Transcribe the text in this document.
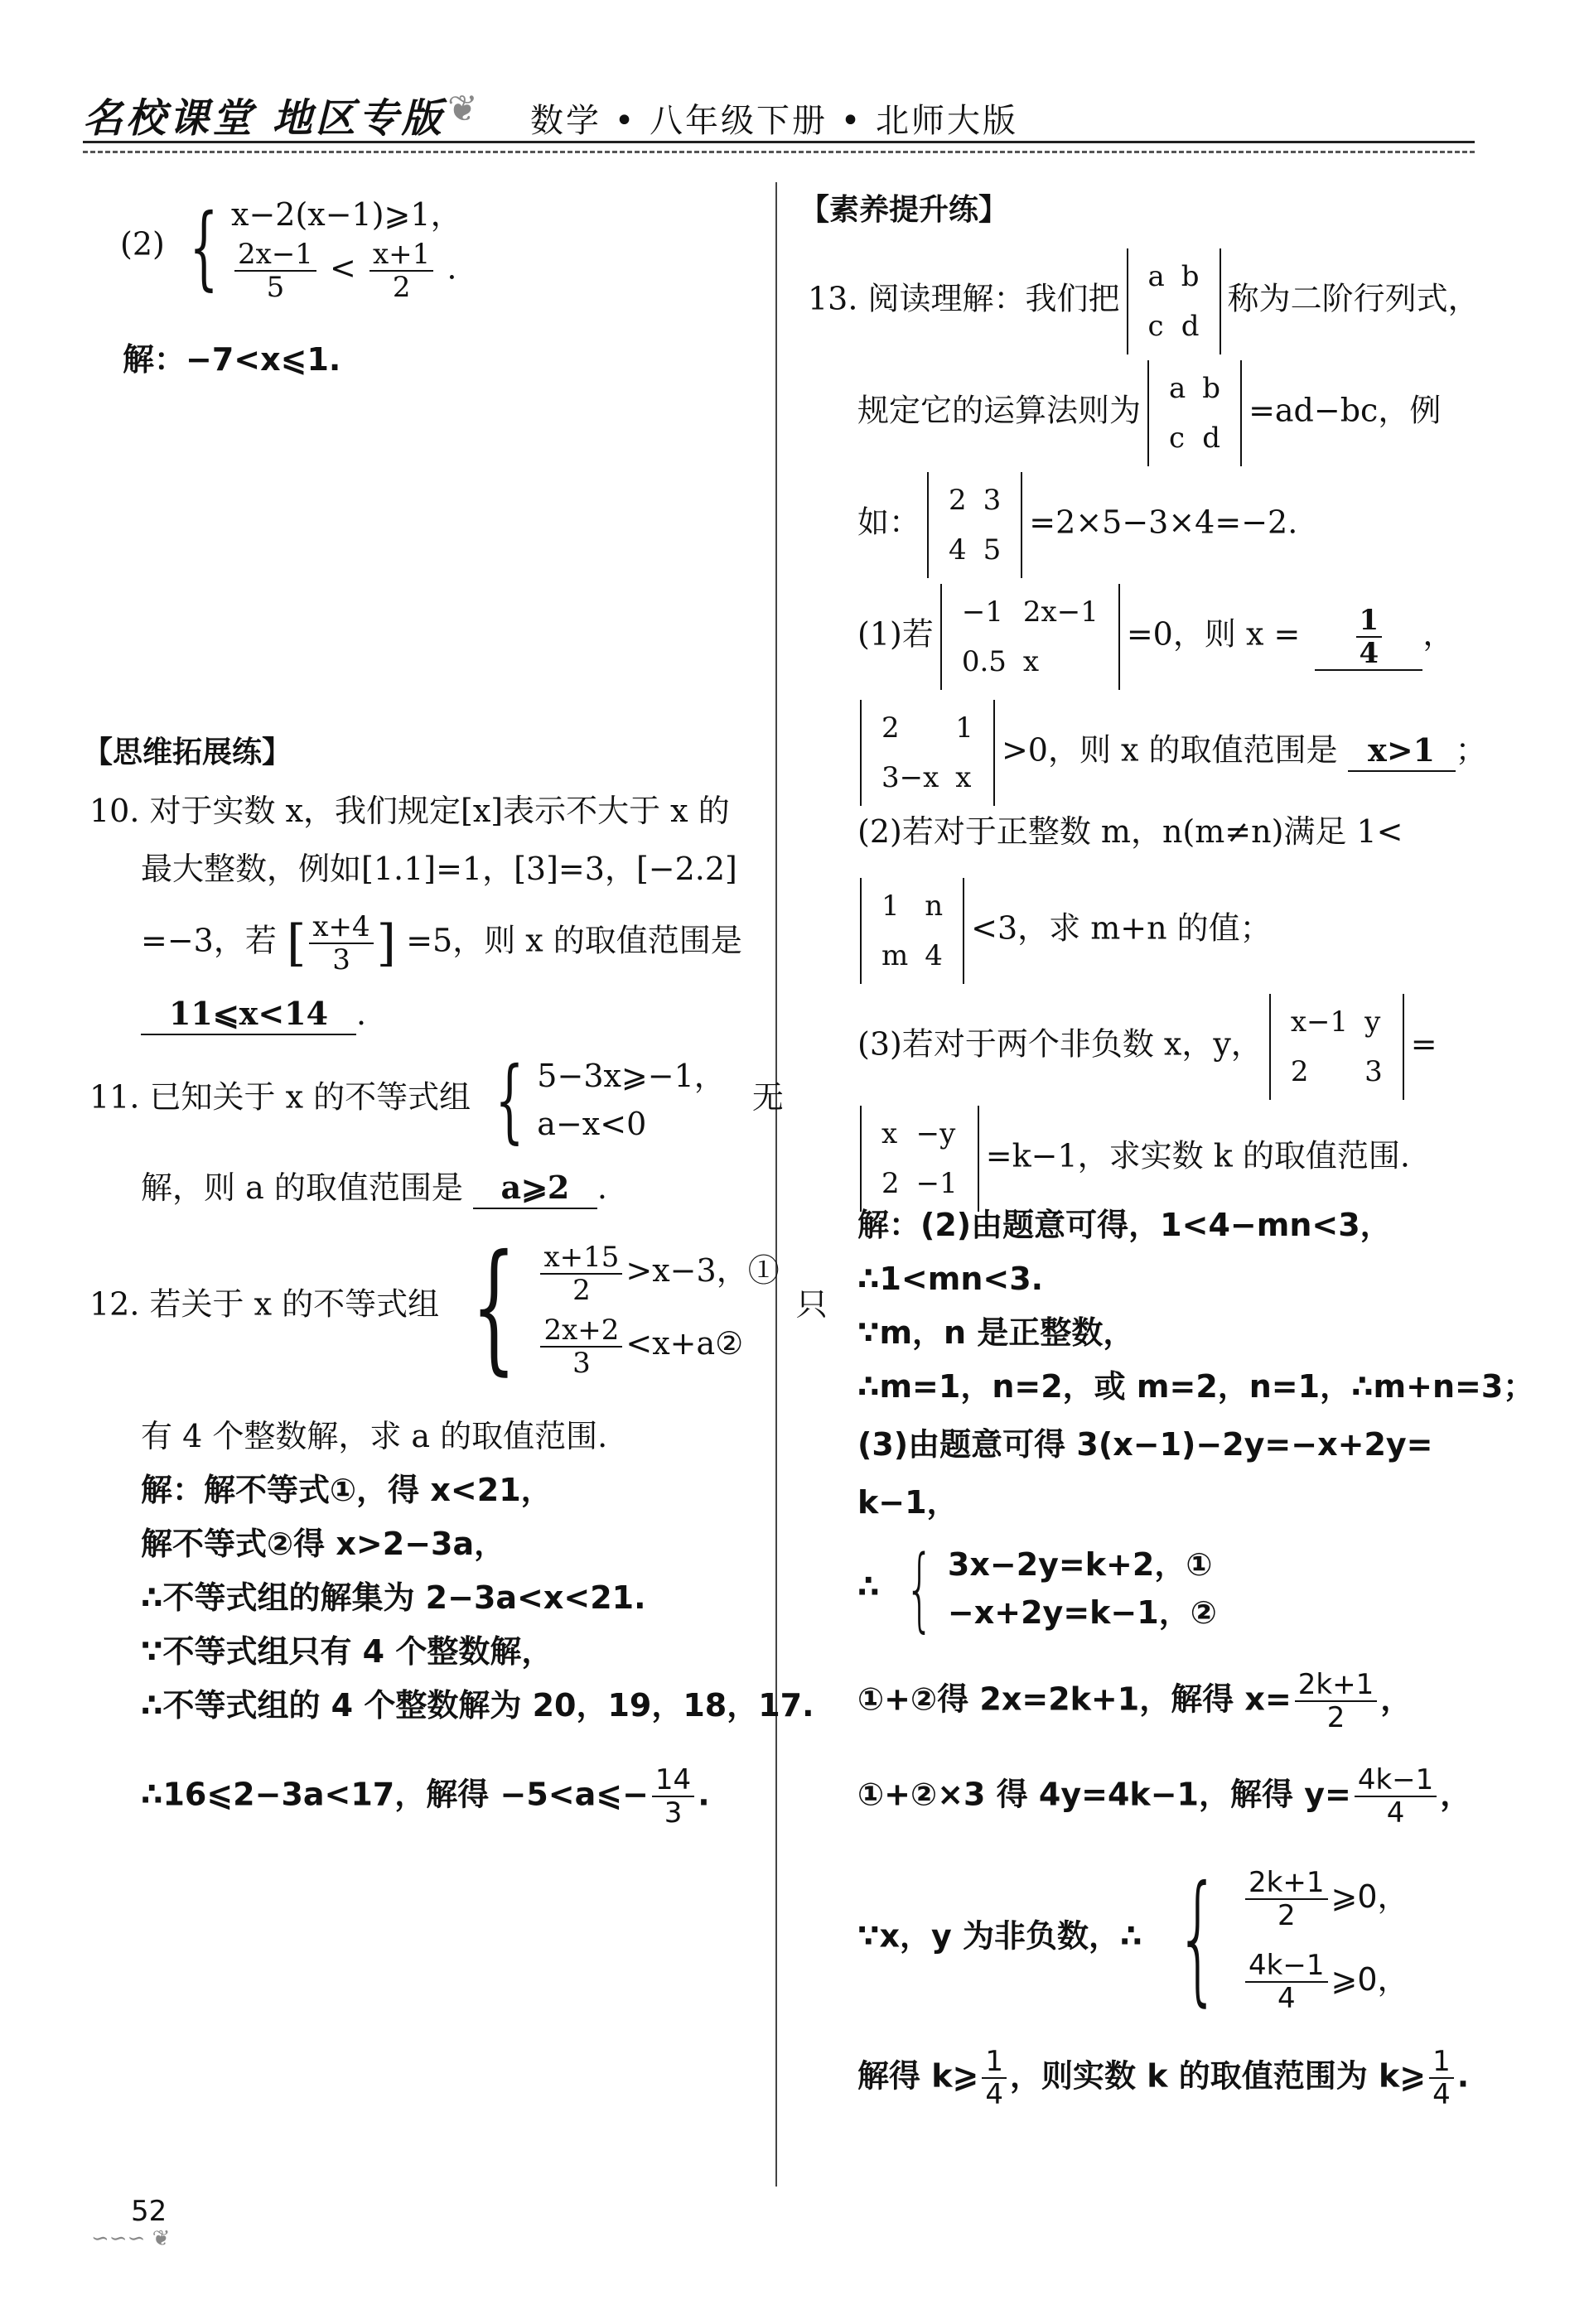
名校课堂 地区专版 ❦ 数学 • 八年级下册 • 北师大版
(2) { x−2(x−1)⩾1，
$\frac{2x-1}{5} < \frac{x+1}{2}$ .
解：−7<x⩽1.
【思维拓展练】
10. 对于实数 x，我们规定[x]表示不大于 x 的
最大整数，例如[1.1]=1，[3]=3，[−2.2]
=−3，若 [ $\frac{x+4}{3}$ ] =5，则 x 的取值范围是
11⩽x<14 .
11. 已知关于 x 的不等式组 { 5−3x⩾−1，
a−x<0
无
解，则 a 的取值范围是 a⩾2 .
12. 若关于 x 的不等式组 { $\frac{x+15}{2} >x-3$，①
$\frac{2x+2}{3}$ <x+a②
只
有 4 个整数解，求 a 的取值范围.
解：解不等式①，得 x<21，
解不等式②得 x>2−3a，
∴不等式组的解集为 2−3a<x<21.
∵不等式组只有 4 个整数解，
∴不等式组的 4 个整数解为 20，19，18，17.
∴16⩽2−3a<17，解得 −5<a⩽− $\frac{14}{3}$ .
【素养提升练】
13. 阅读理解：我们把
a	b
c	d
称为二阶行列式，
规定它的运算法则为
a	b
c	d
=ad−bc，例
如：
2	3
4	5
=2×5−3×4=−2.
(1)若
−1	2x−1
0.5	x
=0，则 $x = \frac{1}{4}$ ，
2	1
3−x	x
>0，则 x 的取值范围是 x>1 ；
(2)若对于正整数 m，n(m≠n)满足 1<
1	n
m	4
<3，求 m+n 的值；
(3)若对于两个非负数 x，y，
x−1	y
2	3
=
x	−y
2	−1
=k−1，求实数 k 的取值范围.
解：(2)由题意可得，1<4−mn<3，
∴1<mn<3.
∵m，n 是正整数，
∴m=1，n=2，或 m=2，n=1，∴m+n=3；
(3)由题意可得 3(x−1)−2y=−x+2y=
k−1，
∴ { 3x−2y=k+2，①
−x+2y=k−1，②
①+②得 2x=2k+1，解得 $x= \frac{2k+1}{2}$ ，
①+②×3 得 4y=4k−1，解得 $y= \frac{4k-1}{4}$ ，
∵x，y 为非负数，∴ { $\frac{2k+1}{2}$ ⩾0，
$\frac{4k-1}{4}$ ⩾0，
解得 k⩾ $\frac{1}{4}$ ，则实数 k 的取值范围为 k⩾ $\frac{1}{4}$ .
52
∽∽∽ ❦
